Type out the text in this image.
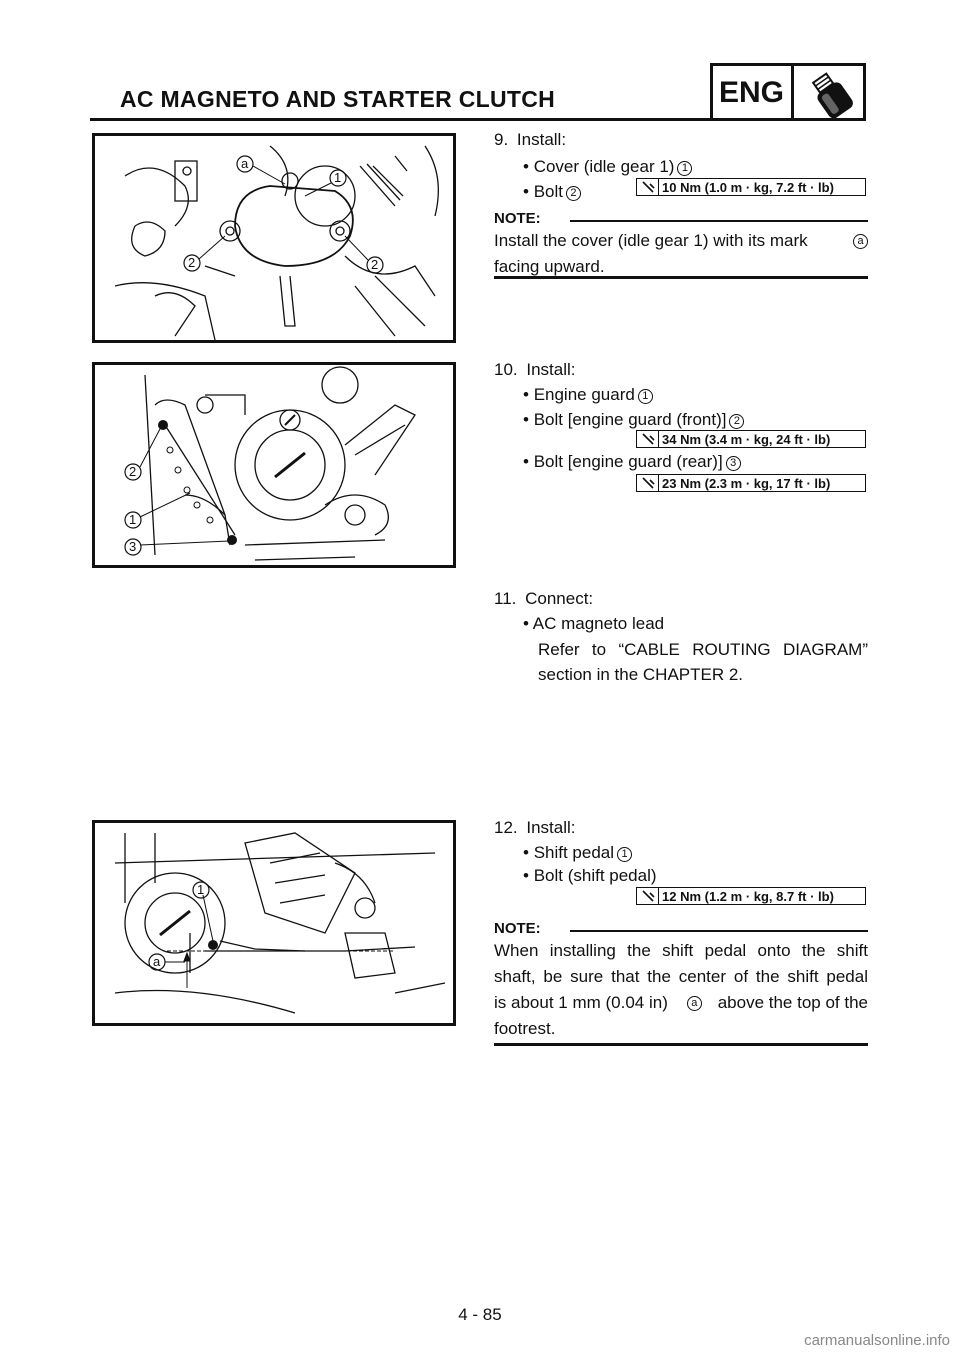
AC MAGNETO AND STARTER CLUTCH	ENG
a
1
2	2
9. Install:
• Cover (idle gear 1) 1
• Bolt 2	10 Nm (1.0 m · kg, 7.2 ft · lb)
NOTE:
Install the cover (idle gear 1) with its mark	a
facing upward.
2
1
3
10. Install:
• Engine guard 1
• Bolt [engine guard (front)] 2
34 Nm (3.4 m · kg, 24 ft · lb)
• Bolt [engine guard (rear)] 3
23 Nm (2.3 m · kg, 17 ft · lb)
11. Connect:
• AC magneto lead
Refer to “CABLE ROUTING DIAGRAM”
section in the CHAPTER 2.
1
a
12. Install:
• Shift pedal 1
• Bolt (shift pedal)
12 Nm (1.2 m · kg, 8.7 ft · lb)
NOTE:
When installing the shift pedal onto the shift
shaft, be sure that the center of the shift pedal
is about 1 mm (0.04 in)	a above the top of the
footrest.
4 - 85
carmanualsonline.info
